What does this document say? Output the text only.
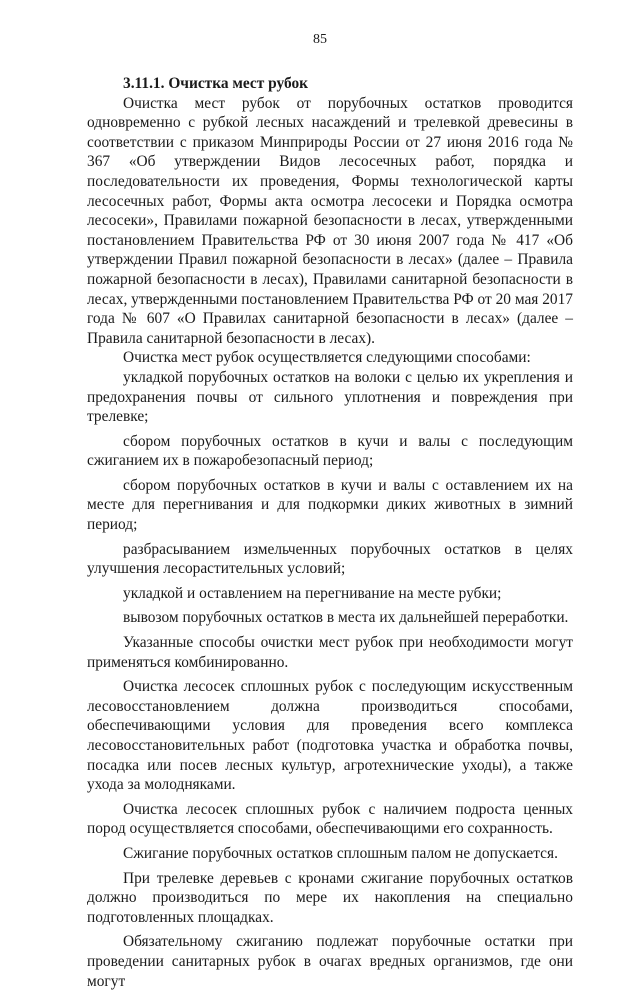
85

3.11.1. Очистка мест рубок

Очистка мест рубок от порубочных остатков проводится одновременно с рубкой лесных насаждений и трелевкой древесины в соответствии с приказом Минприроды России от 27 июня 2016 года № 367 «Об утверждении Видов лесосечных работ, порядка и последовательности их проведения, Формы технологической карты лесосечных работ, Формы акта осмотра лесосеки и Порядка осмотра лесосеки», Правилами пожарной безопасности в лесах, утвержденными постановлением Правительства РФ от 30 июня 2007 года № 417 «Об утверждении Правил пожарной безопасности в лесах» (далее – Правила пожарной безопасности в лесах), Правилами санитарной безопасности в лесах, утвержденными постановлением Правительства РФ от 20 мая 2017 года № 607 «О Правилах санитарной безопасности в лесах» (далее – Правила санитарной безопасности в лесах).

Очистка мест рубок осуществляется следующими способами:

укладкой порубочных остатков на волоки с целью их укрепления и предохранения почвы от сильного уплотнения и повреждения при трелевке;

сбором порубочных остатков в кучи и валы с последующим сжиганием их в пожаробезопасный период;

сбором порубочных остатков в кучи и валы с оставлением их на месте для перегнивания и для подкормки диких животных в зимний период;

разбрасыванием измельченных порубочных остатков в целях улучшения лесорастительных условий;

укладкой и оставлением на перегнивание на месте рубки;

вывозом порубочных остатков в места их дальнейшей переработки.

Указанные способы очистки мест рубок при необходимости могут применяться комбинированно.

Очистка лесосек сплошных рубок с последующим искусственным лесовосстановлением должна производиться способами, обеспечивающими условия для проведения всего комплекса лесовосстановительных работ (подготовка участка и обработка почвы, посадка или посев лесных культур, агротехнические уходы), а также ухода за молодняками.

Очистка лесосек сплошных рубок с наличием подроста ценных пород осуществляется способами, обеспечивающими его сохранность.

Сжигание порубочных остатков сплошным палом не допускается.

При трелевке деревьев с кронами сжигание порубочных остатков должно производиться по мере их накопления на специально подготовленных площадках.

Обязательному сжиганию подлежат порубочные остатки при проведении санитарных рубок в очагах вредных организмов, где они могут
